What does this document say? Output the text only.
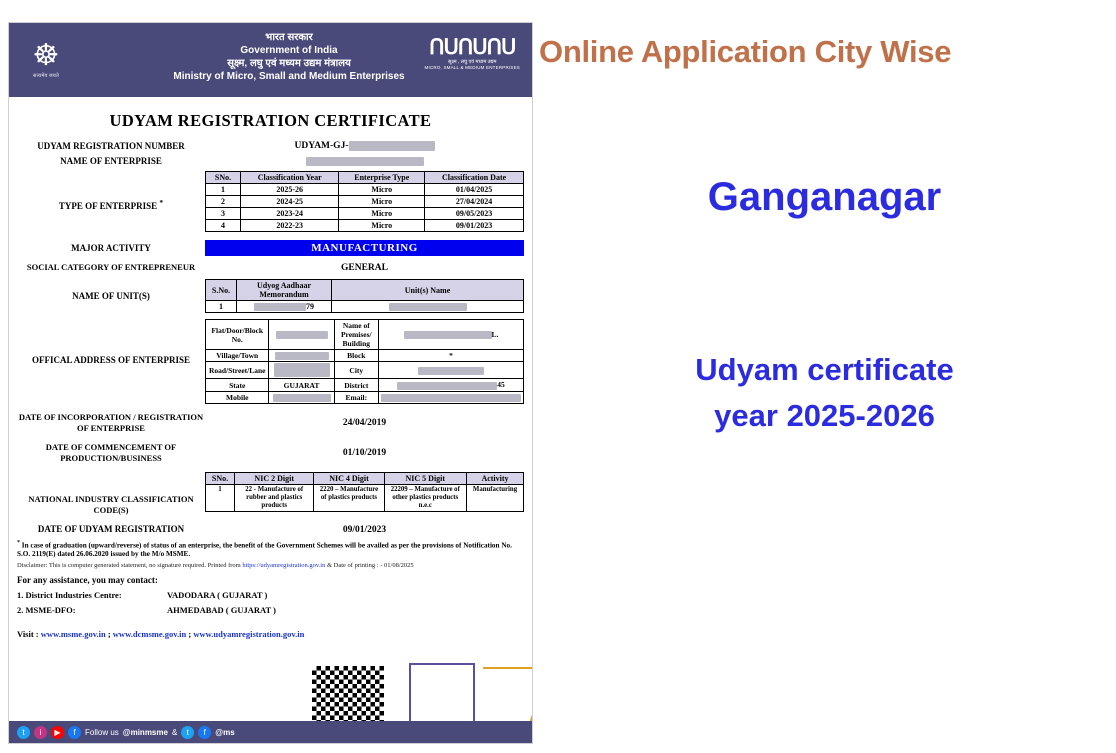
☸
सत्यमेव जयते
भारत सरकार
Government of India
सूक्ष्म, लघु एवं मध्यम उद्यम मंत्रालय
Ministry of Micro, Small and Medium Enterprises
ՈՍՈՍՈՍ
सूक्ष्म , लघु एवं मध्यम उद्यम
MICRO, SMALL & MEDIUM ENTERPRISES
UDYAM REGISTRATION CERTIFICATE
UDYAM REGISTRATION NUMBER	UDYAM-GJ-
NAME OF ENTERPRISE
TYPE OF ENTERPRISE *
SNo.	Classification Year	Enterprise Type	Classification Date
1	2025-26	Micro	01/04/2025
2	2024-25	Micro	27/04/2024
3	2023-24	Micro	09/05/2023
4	2022-23	Micro	09/01/2023
MAJOR ACTIVITY	MANUFACTURING
SOCIAL CATEGORY OF ENTREPRENEUR	GENERAL
NAME OF UNIT(S)
S.No.	Udyog Aadhaar Memorandum	Unit(s) Name
1	79	
OFFICAL ADDRESS OF ENTERPRISE
Flat/Door/Block No.		Name of Premises/ Building	L.
Village/Town		Block	*
Road/Street/Lane		City	
State	GUJARAT	District	45
Mobile		Email:	
DATE OF INCORPORATION / REGISTRATION OF ENTERPRISE	24/04/2019
DATE OF COMMENCEMENT OF PRODUCTION/BUSINESS	01/10/2019
NATIONAL INDUSTRY CLASSIFICATION CODE(S)
SNo.	NIC 2 Digit	NIC 4 Digit	NIC 5 Digit	Activity
1	22 - Manufacture of rubber and plastics products	2220 – Manufacture of plastics products	22209 – Manufacture of other plastics products n.e.c	Manufacturing
DATE OF UDYAM REGISTRATION	09/01/2023
* In case of graduation (upward/reverse) of status of an enterprise, the benefit of the Government Schemes will be availed as per the provisions of Notification No. S.O. 2119(E) dated 26.06.2020 issued by the M/o MSME.
Disclaimer: This is computer generated statement, no signature required. Printed from https://udyamregistration.gov.in & Date of printing : - 01/08/2025
For any assistance, you may contact:
1. District Industries Centre:	VADODARA ( GUJARAT )
2. MSME-DFO:	AHMEDABAD ( GUJARAT )
Visit : www.msme.gov.in ; www.dcmsme.gov.in ; www.udyamregistration.gov.in
t	i	▶	f	Follow us @minmsme &	t	f	@ms
Online Application City Wise
Ganganagar
Udyam certificate
year 2025-2026
